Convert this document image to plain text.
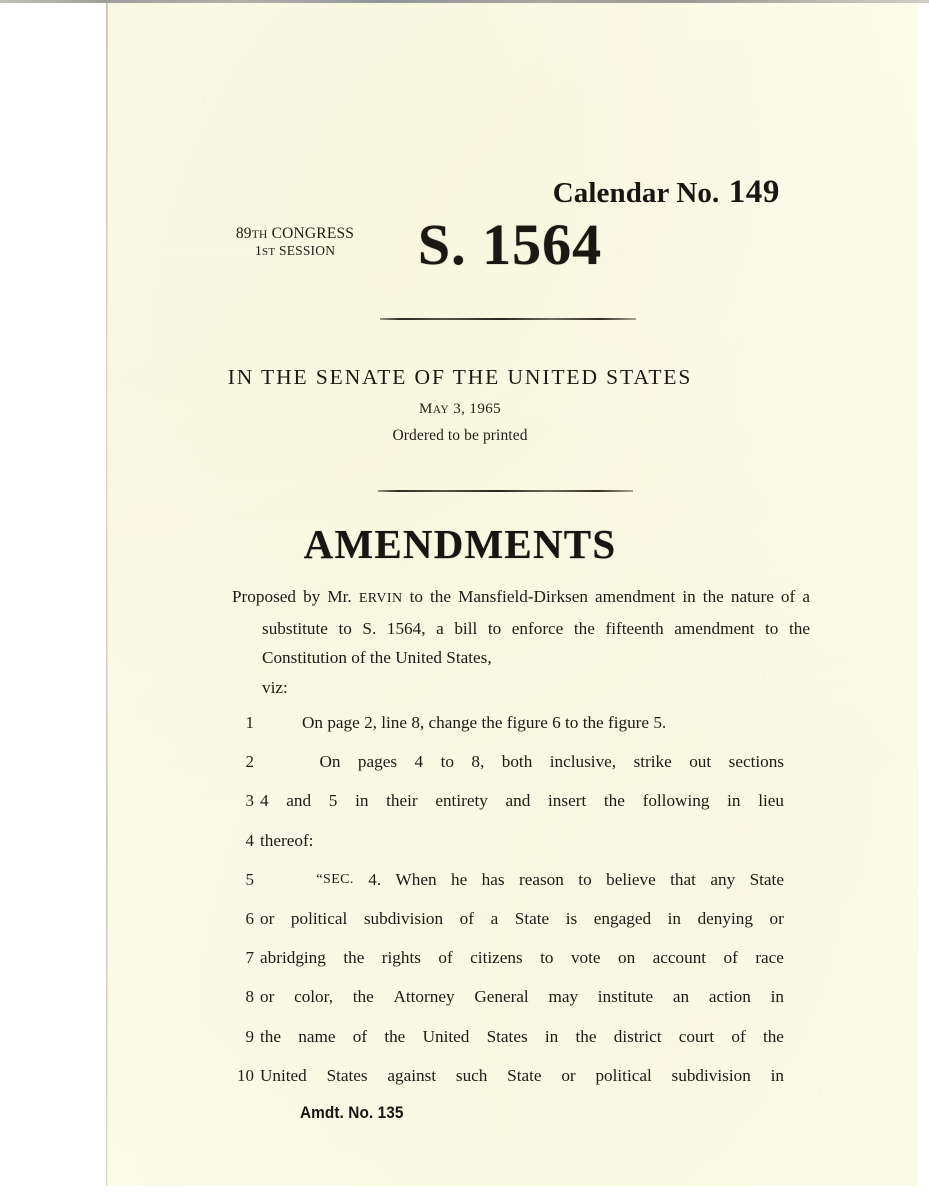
Calendar No. 149
89TH CONGRESS
1ST SESSION	S. 1564
IN THE SENATE OF THE UNITED STATES
MAY 3, 1965
Ordered to be printed
AMENDMENTS
Proposed by Mr. ERVIN to the Mansfield-Dirksen amendment in the nature of a substitute to S. 1564, a bill to enforce the fifteenth amendment to the Constitution of the United States,
viz:
1	On page 2, line 8, change the figure 6 to the figure 5.
2	On pages 4 to 8, both inclusive, strike out sections
3 4 and 5 in their entirety and insert the following in lieu
4 thereof:
5	“SEC. 4. When he has reason to believe that any State
6 or political subdivision of a State is engaged in denying or
7 abridging the rights of citizens to vote on account of race
8 or color, the Attorney General may institute an action in
9 the name of the United States in the district court of the
10 United States against such State or political subdivision in
Amdt. No. 135
